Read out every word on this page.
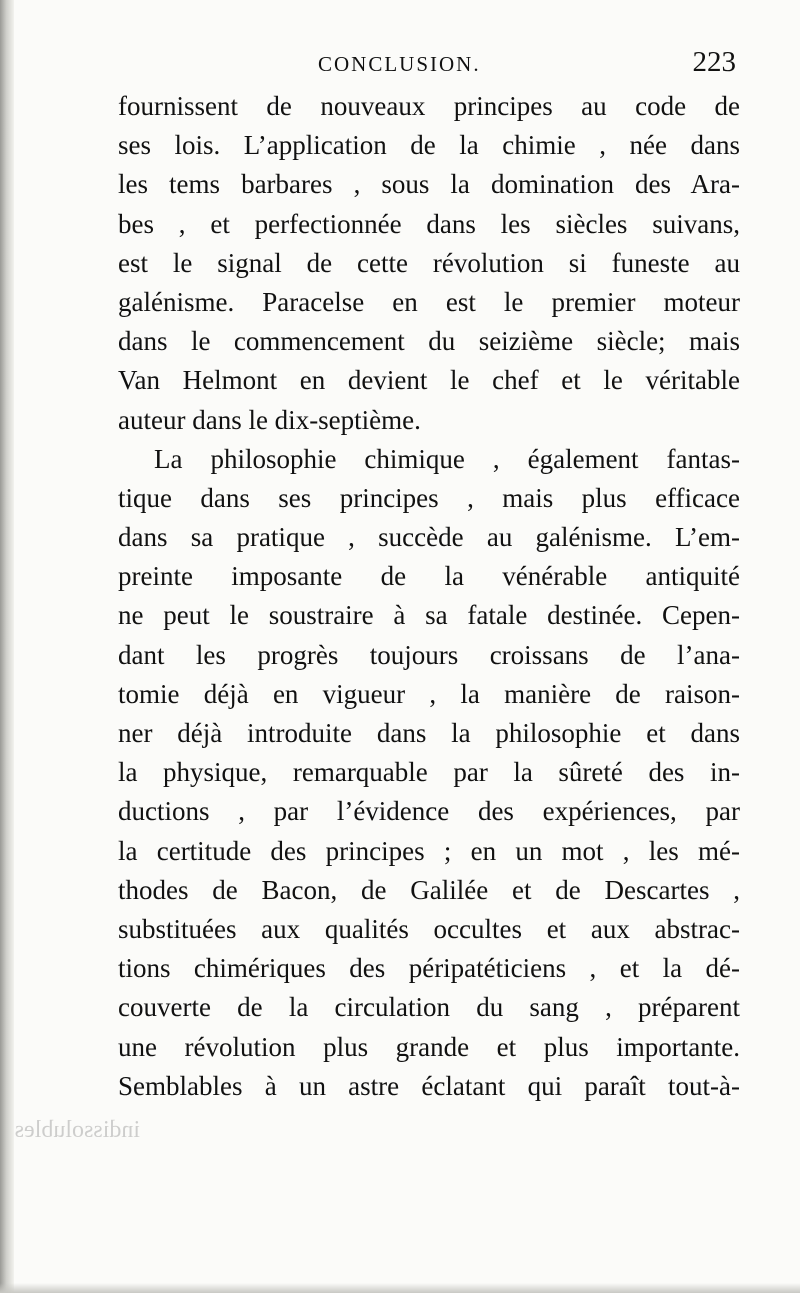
CONCLUSION.	223
fournissent de nouveaux principes au code de
ses lois. L’application de la chimie , née dans
les tems barbares , sous la domination des Ara-
bes , et perfectionnée dans les siècles suivans,
est le signal de cette révolution si funeste au
galénisme. Paracelse en est le premier moteur
dans le commencement du seizième siècle; mais
Van Helmont en devient le chef et le véritable
auteur dans le dix-septième.
La philosophie chimique , également fantas-
tique dans ses principes , mais plus efficace
dans sa pratique , succède au galénisme. L’em-
preinte imposante de la vénérable antiquité
ne peut le soustraire à sa fatale destinée. Cepen-
dant les progrès toujours croissans de l’ana-
tomie déjà en vigueur , la manière de raison-
ner déjà introduite dans la philosophie et dans
la physique, remarquable par la sûreté des in-
ductions , par l’évidence des expériences, par
la certitude des principes ; en un mot , les mé-
thodes de Bacon, de Galilée et de Descartes ,
substituées aux qualités occultes et aux abstrac-
tions chimériques des péripatéticiens , et la dé-
couverte de la circulation du sang , préparent
une révolution plus grande et plus importante.
Semblables à un astre éclatant qui paraît tout-à-
indissolubles
